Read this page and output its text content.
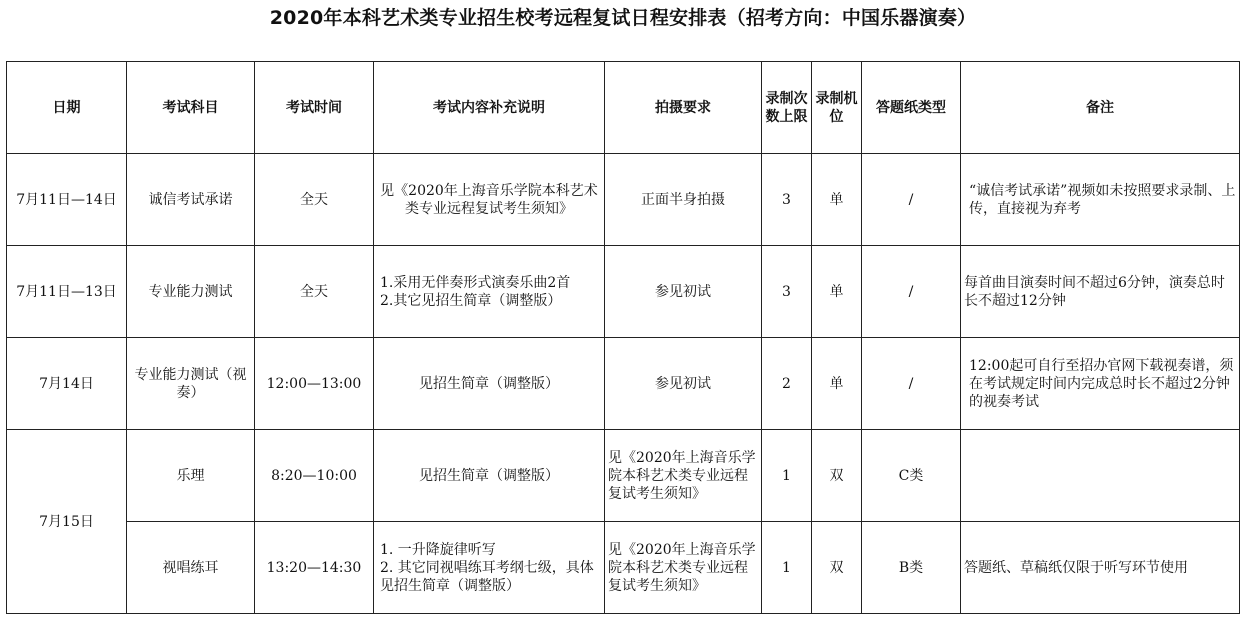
2020年本科艺术类专业招生校考远程复试日程安排表（招考方向：中国乐器演奏）
日期	考试科目	考试时间	考试内容补充说明	拍摄要求	录制次数上限	录制机位	答题纸类型	备注
7月11日—14日	诚信考试承诺	全天	见《2020年上海音乐学院本科艺术类专业远程复试考生须知》	正面半身拍摄	3	单	/	“诚信考试承诺”视频如未按照要求录制、上传，直接视为弃考
7月11日—13日	专业能力测试	全天	1.采用无伴奏形式演奏乐曲2首
2.其它见招生简章（调整版）	参见初试	3	单	/	每首曲目演奏时间不超过6分钟，演奏总时长不超过12分钟
7月14日	专业能力测试（视奏）	12:00—13:00	见招生简章（调整版）	参见初试	2	单	/	12:00起可自行至招办官网下载视奏谱，须在考试规定时间内完成总时长不超过2分钟的视奏考试
7月15日	乐理	8:20—10:00	见招生简章（调整版）	见《2020年上海音乐学院本科艺术类专业远程复试考生须知》	1	双	C类	
	视唱练耳	13:20—14:30	1. 一升降旋律听写
2. 其它同视唱练耳考纲七级，具体见招生简章（调整版）	见《2020年上海音乐学院本科艺术类专业远程复试考生须知》	1	双	B类	答题纸、草稿纸仅限于听写环节使用
